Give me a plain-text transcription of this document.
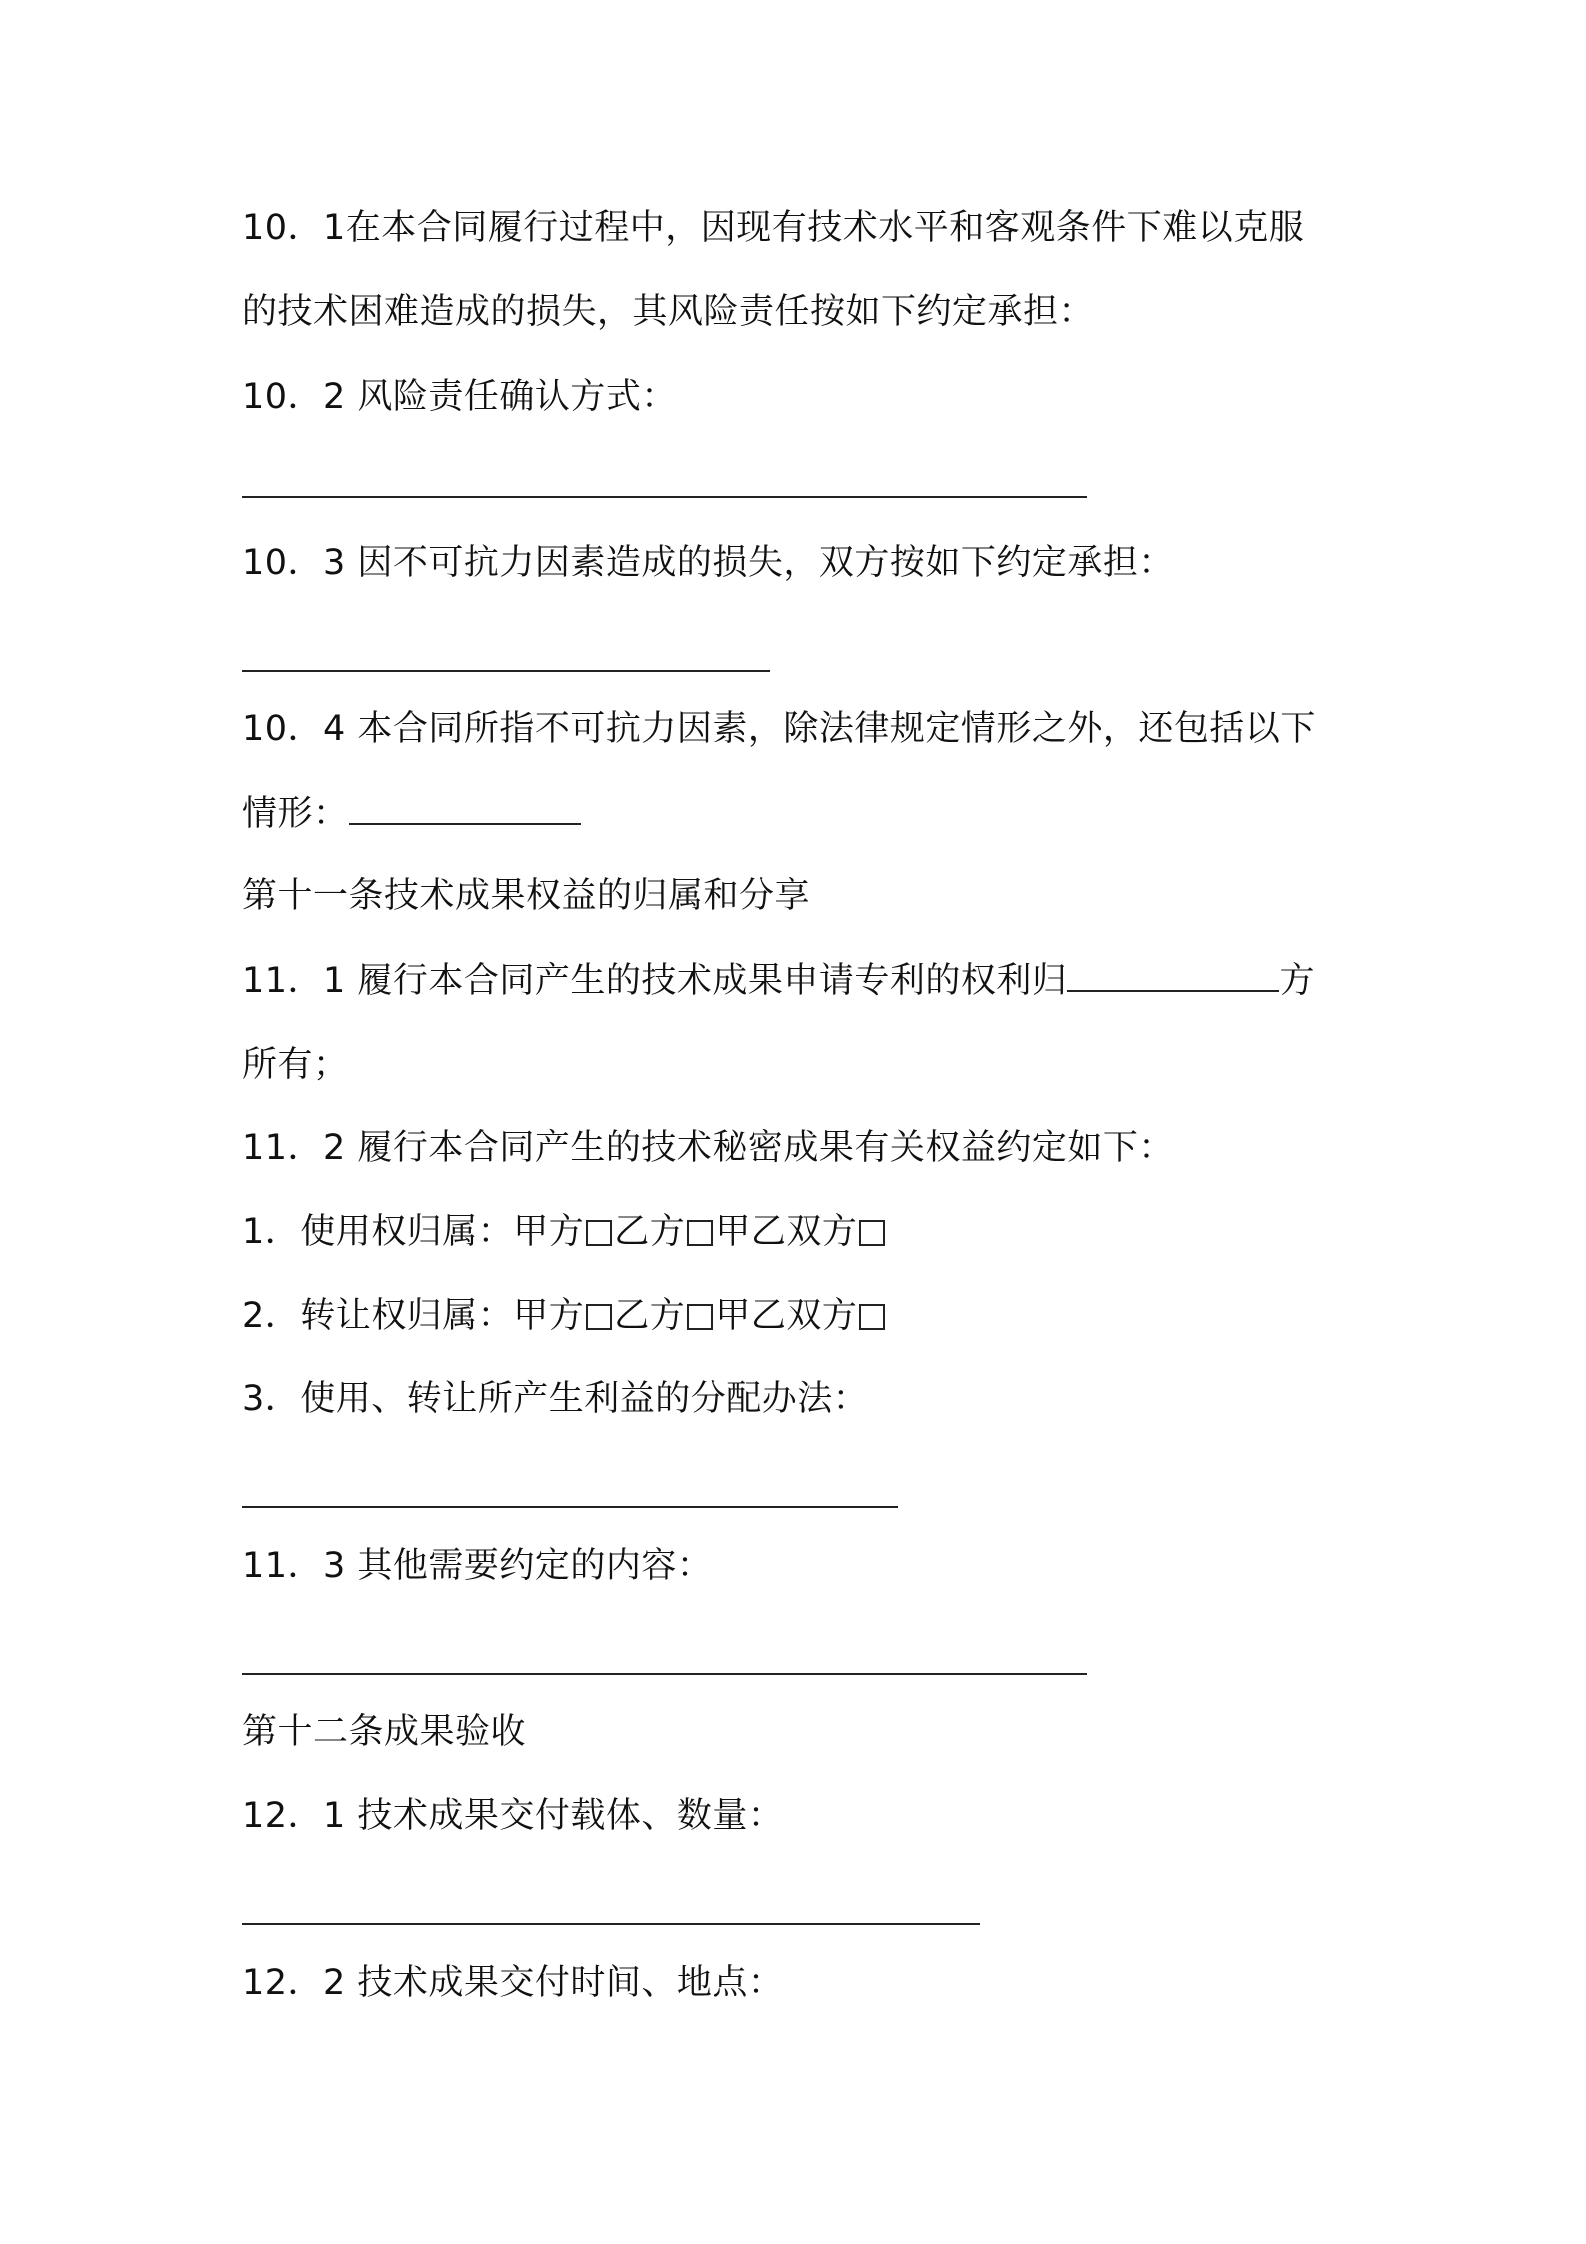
10．1在本合同履行过程中，因现有技术水平和客观条件下难以克服
的技术困难造成的损失，其风险责任按如下约定承担：
10．2 风险责任确认方式：
10．3 因不可抗力因素造成的损失，双方按如下约定承担：
10．4 本合同所指不可抗力因素，除法律规定情形之外，还包括以下
情形：
第十一条技术成果权益的归属和分享
11．1 履行本合同产生的技术成果申请专利的权利归	方
所有；
11．2 履行本合同产生的技术秘密成果有关权益约定如下：
1．使用权归属：甲方 乙方 甲乙双方
2．转让权归属：甲方 乙方 甲乙双方
3．使用、转让所产生利益的分配办法：
11．3 其他需要约定的内容：
第十二条成果验收
12．1 技术成果交付载体、数量：
12．2 技术成果交付时间、地点：
